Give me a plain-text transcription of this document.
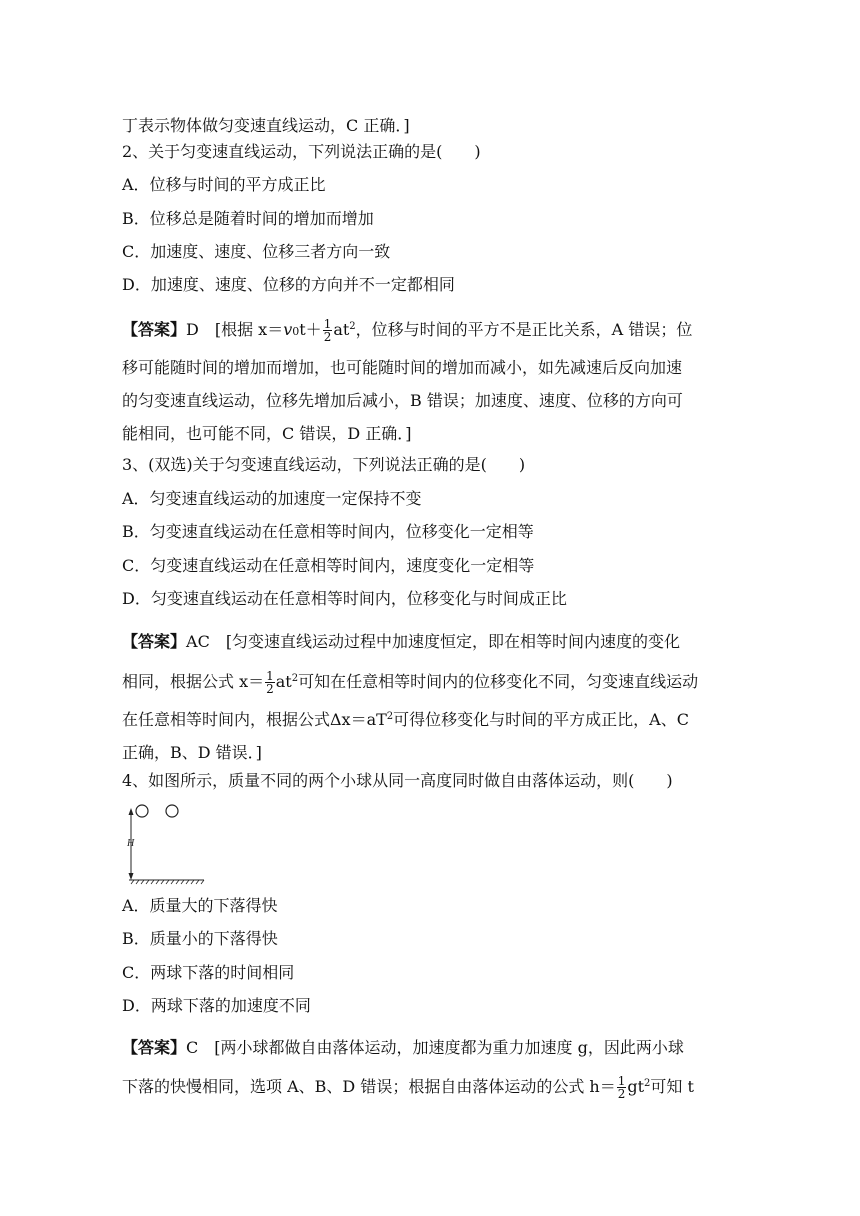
丁表示物体做匀变速直线运动，C 正确．]
2、关于匀变速直线运动，下列说法正确的是(　　)
A．位移与时间的平方成正比
B．位移总是随着时间的增加而增加
C．加速度、速度、位移三者方向一致
D．加速度、速度、位移的方向并不一定都相同
【答案】D　[根据 $x=v0t+ \frac{1}{2} at^2$，位移与时间的平方不是正比关系，A 错误；位
移可能随时间的增加而增加，也可能随时间的增加而减小，如先减速后反向加速
的匀变速直线运动，位移先增加后减小，B 错误；加速度、速度、位移的方向可
能相同，也可能不同，C 错误，D 正确．]
3、(双选)关于匀变速直线运动，下列说法正确的是(　　)
A．匀变速直线运动的加速度一定保持不变
B．匀变速直线运动在任意相等时间内，位移变化一定相等
C．匀变速直线运动在任意相等时间内，速度变化一定相等
D．匀变速直线运动在任意相等时间内，位移变化与时间成正比
【答案】AC　[匀变速直线运动过程中加速度恒定，即在相等时间内速度的变化
相同，根据公式 $x= \frac{1}{2} at^2$可知在任意相等时间内的位移变化不同，匀变速直线运动
在任意相等时间内，根据公式$\Delta x=aT^2$可得位移变化与时间的平方成正比，A、C
正确，B、D 错误．]
4、如图所示，质量不同的两个小球从同一高度同时做自由落体运动，则(　　)
H
A．质量大的下落得快
B．质量小的下落得快
C．两球下落的时间相同
D．两球下落的加速度不同
【答案】C　[两小球都做自由落体运动，加速度都为重力加速度 g，因此两小球
下落的快慢相同，选项 A、B、D 错误；根据自由落体运动的公式 $h= \frac{1}{2} gt^2$可知 t
